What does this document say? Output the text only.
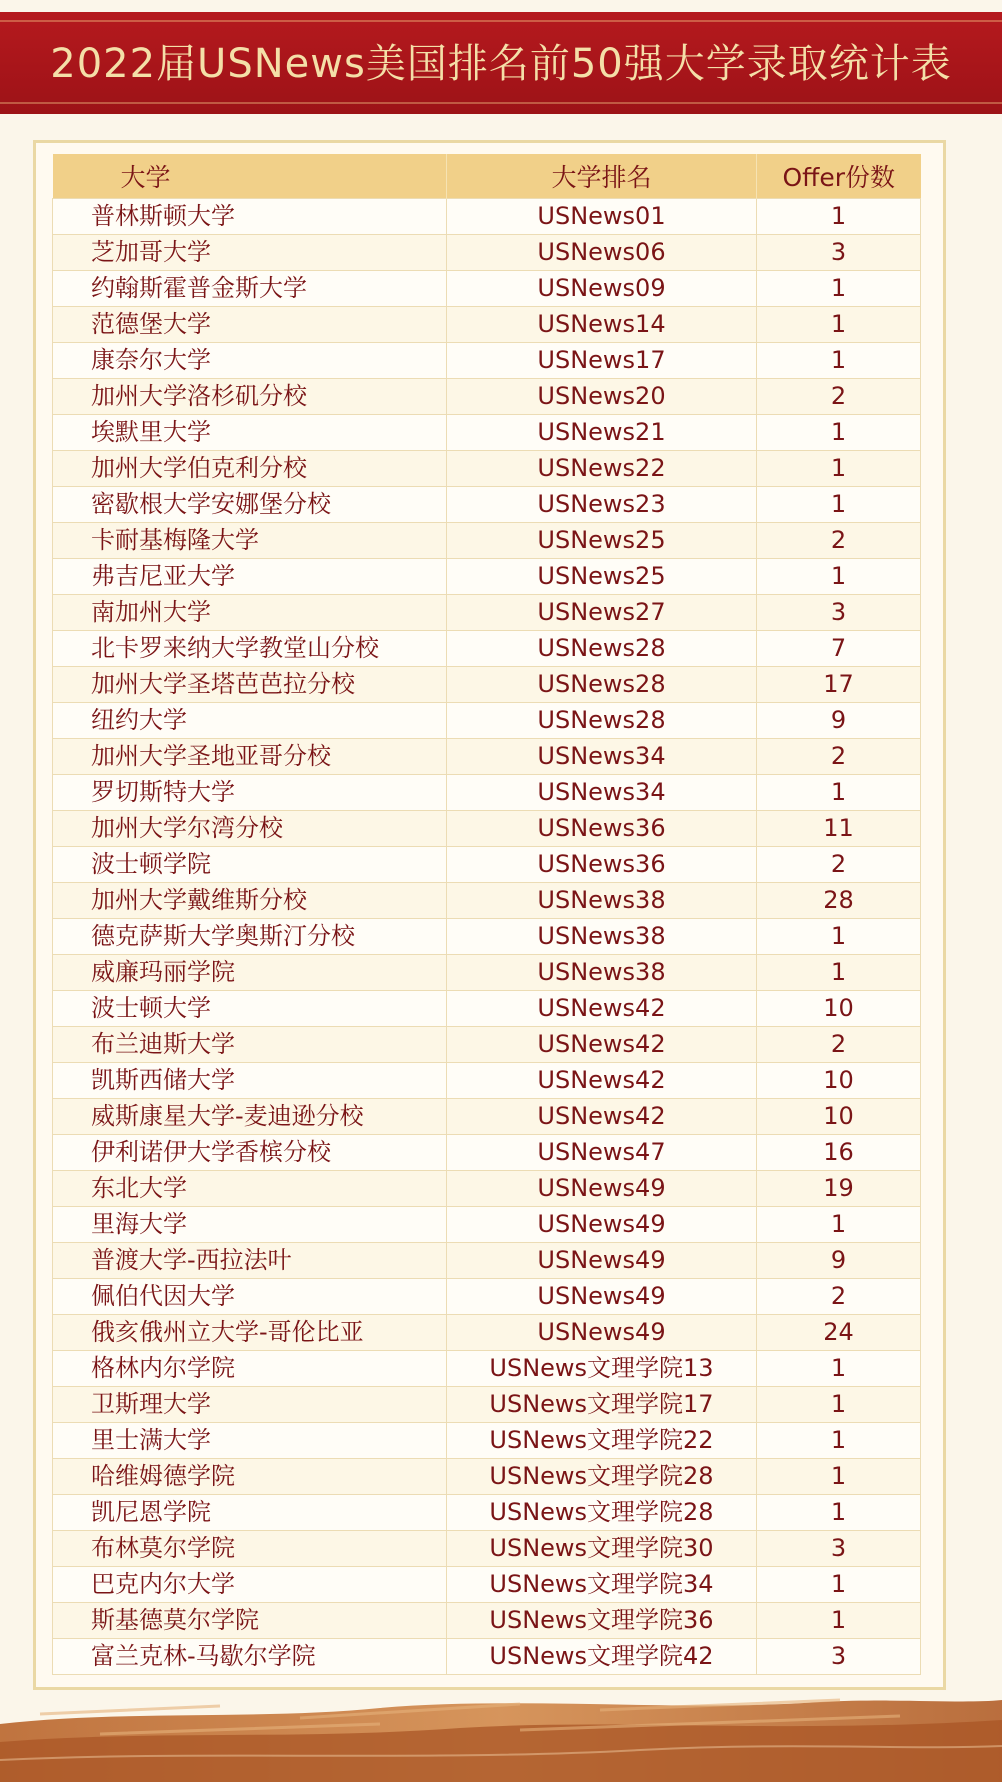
2022届USNews美国排名前50强大学录取统计表
大学	大学排名	Offer份数
普林斯顿大学	USNews01	1
芝加哥大学	USNews06	3
约翰斯霍普金斯大学	USNews09	1
范德堡大学	USNews14	1
康奈尔大学	USNews17	1
加州大学洛杉矶分校	USNews20	2
埃默里大学	USNews21	1
加州大学伯克利分校	USNews22	1
密歇根大学安娜堡分校	USNews23	1
卡耐基梅隆大学	USNews25	2
弗吉尼亚大学	USNews25	1
南加州大学	USNews27	3
北卡罗来纳大学教堂山分校	USNews28	7
加州大学圣塔芭芭拉分校	USNews28	17
纽约大学	USNews28	9
加州大学圣地亚哥分校	USNews34	2
罗切斯特大学	USNews34	1
加州大学尔湾分校	USNews36	11
波士顿学院	USNews36	2
加州大学戴维斯分校	USNews38	28
德克萨斯大学奥斯汀分校	USNews38	1
威廉玛丽学院	USNews38	1
波士顿大学	USNews42	10
布兰迪斯大学	USNews42	2
凯斯西储大学	USNews42	10
威斯康星大学-麦迪逊分校	USNews42	10
伊利诺伊大学香槟分校	USNews47	16
东北大学	USNews49	19
里海大学	USNews49	1
普渡大学-西拉法叶	USNews49	9
佩伯代因大学	USNews49	2
俄亥俄州立大学-哥伦比亚	USNews49	24
格林内尔学院	USNews文理学院13	1
卫斯理大学	USNews文理学院17	1
里士满大学	USNews文理学院22	1
哈维姆德学院	USNews文理学院28	1
凯尼恩学院	USNews文理学院28	1
布林莫尔学院	USNews文理学院30	3
巴克内尔大学	USNews文理学院34	1
斯基德莫尔学院	USNews文理学院36	1
富兰克林-马歇尔学院	USNews文理学院42	3
